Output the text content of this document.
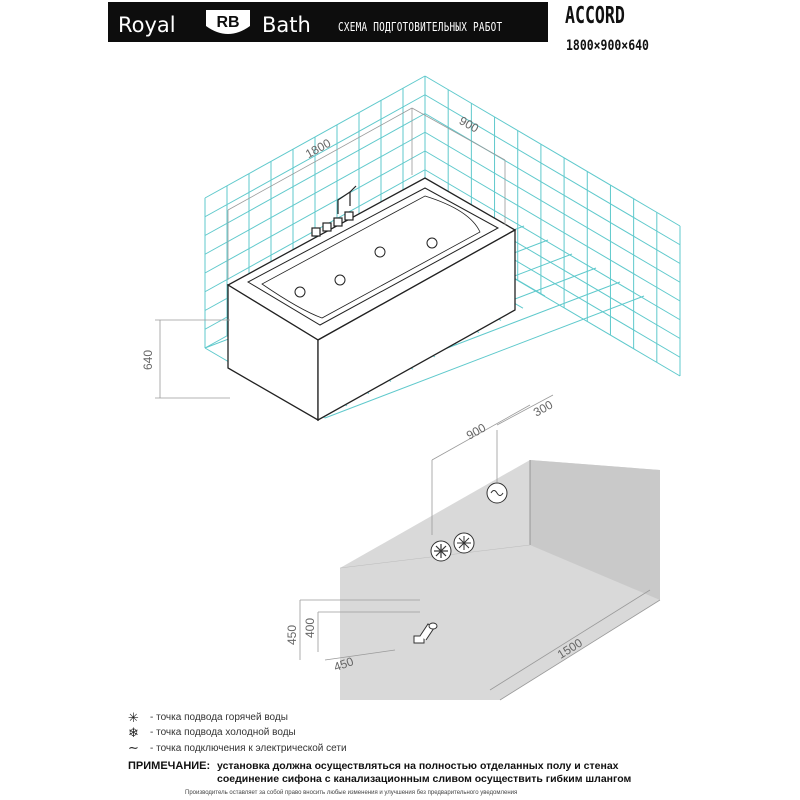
Royal	RB Bath СХЕМА ПОДГОТОВИТЕЛЬНЫХ РАБОТ	ACCORD
1800×900×640
1800
900
640
900
300
1500
450
450 400
✳ - точка подвода горячей воды
❄ - точка подвода холодной воды
∼ - точка подключения к электрической сети
ПРИМЕЧАНИЕ: установка должна осуществляться на полностью отделанных полу и стенах
соединение сифона с канализационным сливом осуществить гибким шлангом
Производитель оставляет за собой право вносить любые изменения и улучшения без предварительного уведомления
